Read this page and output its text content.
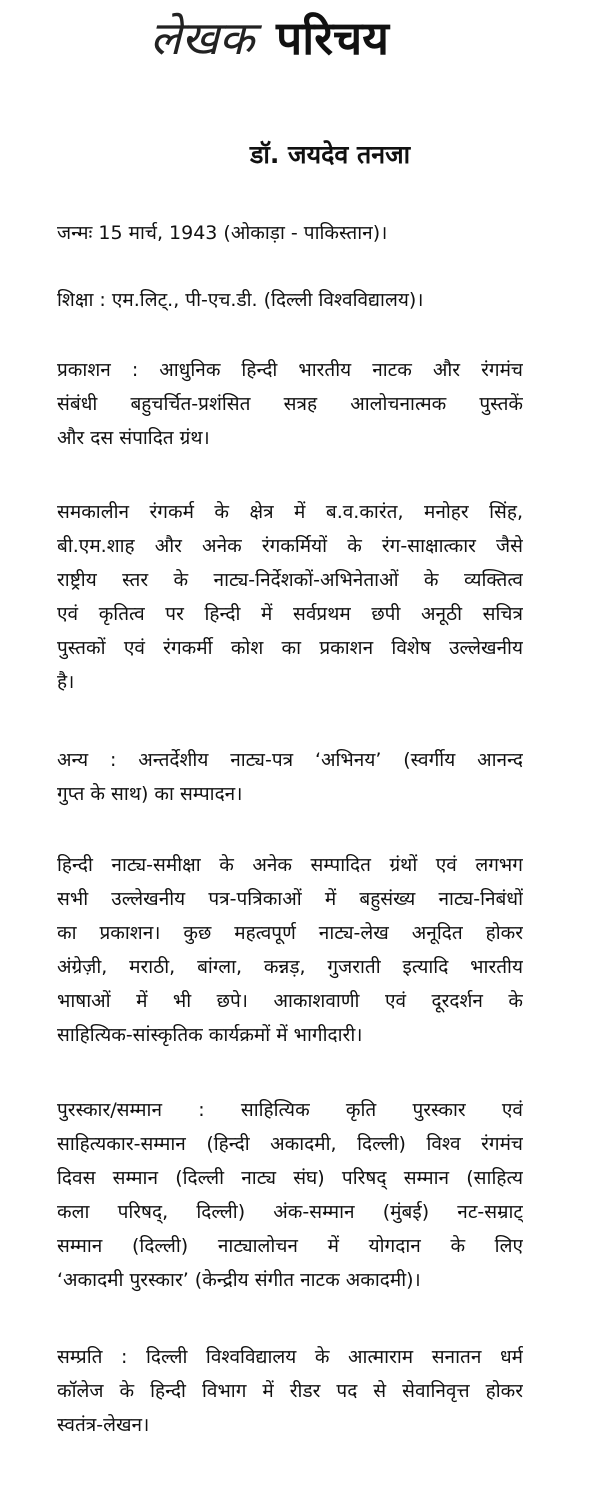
लेखक परिचय
डॉ. जयदेव तनजा
जन्मः 15 मार्च, 1943 (ओकाड़ा - पाकिस्तान)।
शिक्षा : एम.लिट्., पी-एच.डी. (दिल्ली विश्वविद्यालय)।
प्रकाशन : आधुनिक हिन्दी भारतीय नाटक और रंगमंच
संबंधी बहुचर्चित-प्रशंसित सत्रह आलोचनात्मक पुस्तकें
और दस संपादित ग्रंथ।
समकालीन रंगकर्म के क्षेत्र में ब.व.कारंत, मनोहर सिंह,
बी.एम.शाह और अनेक रंगकर्मियों के रंग-साक्षात्कार जैसे
राष्ट्रीय स्तर के नाट्य-निर्देशकों-अभिनेताओं के व्यक्तित्व
एवं कृतित्व पर हिन्दी में सर्वप्रथम छपी अनूठी सचित्र
पुस्तकों एवं रंगकर्मी कोश का प्रकाशन विशेष उल्लेखनीय
है।
अन्य : अन्तर्देशीय नाट्य-पत्र ‘अभिनय’ (स्वर्गीय आनन्द
गुप्त के साथ) का सम्पादन।
हिन्दी नाट्य-समीक्षा के अनेक सम्पादित ग्रंथों एवं लगभग
सभी उल्लेखनीय पत्र-पत्रिकाओं में बहुसंख्य नाट्य-निबंधों
का प्रकाशन। कुछ महत्वपूर्ण नाट्य-लेख अनूदित होकर
अंग्रेज़ी, मराठी, बांग्ला, कन्नड़, गुजराती इत्यादि भारतीय
भाषाओं में भी छपे। आकाशवाणी एवं दूरदर्शन के
साहित्यिक-सांस्कृतिक कार्यक्रमों में भागीदारी।
पुरस्कार/सम्मान : साहित्यिक कृति पुरस्कार एवं
साहित्यकार-सम्मान (हिन्दी अकादमी, दिल्ली) विश्व रंगमंच
दिवस सम्मान (दिल्ली नाट्य संघ) परिषद् सम्मान (साहित्य
कला परिषद्, दिल्ली) अंक-सम्मान (मुंबई) नट-सम्राट्
सम्मान (दिल्ली) नाट्यालोचन में योगदान के लिए
‘अकादमी पुरस्कार’ (केन्द्रीय संगीत नाटक अकादमी)।
सम्प्रति : दिल्ली विश्वविद्यालय के आत्माराम सनातन धर्म
कॉलेज के हिन्दी विभाग में रीडर पद से सेवानिवृत्त होकर
स्वतंत्र-लेखन।
